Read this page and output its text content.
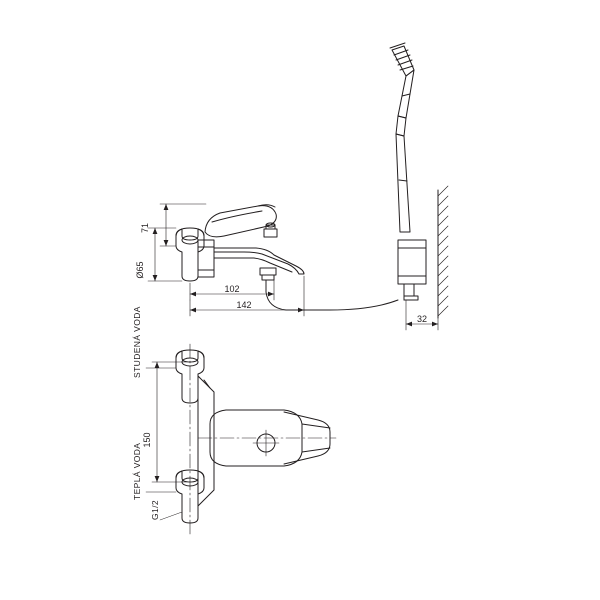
71
Ø65
102
142
32
150
STUDENÁ VODA
TEPLÁ VODA
G1/2
